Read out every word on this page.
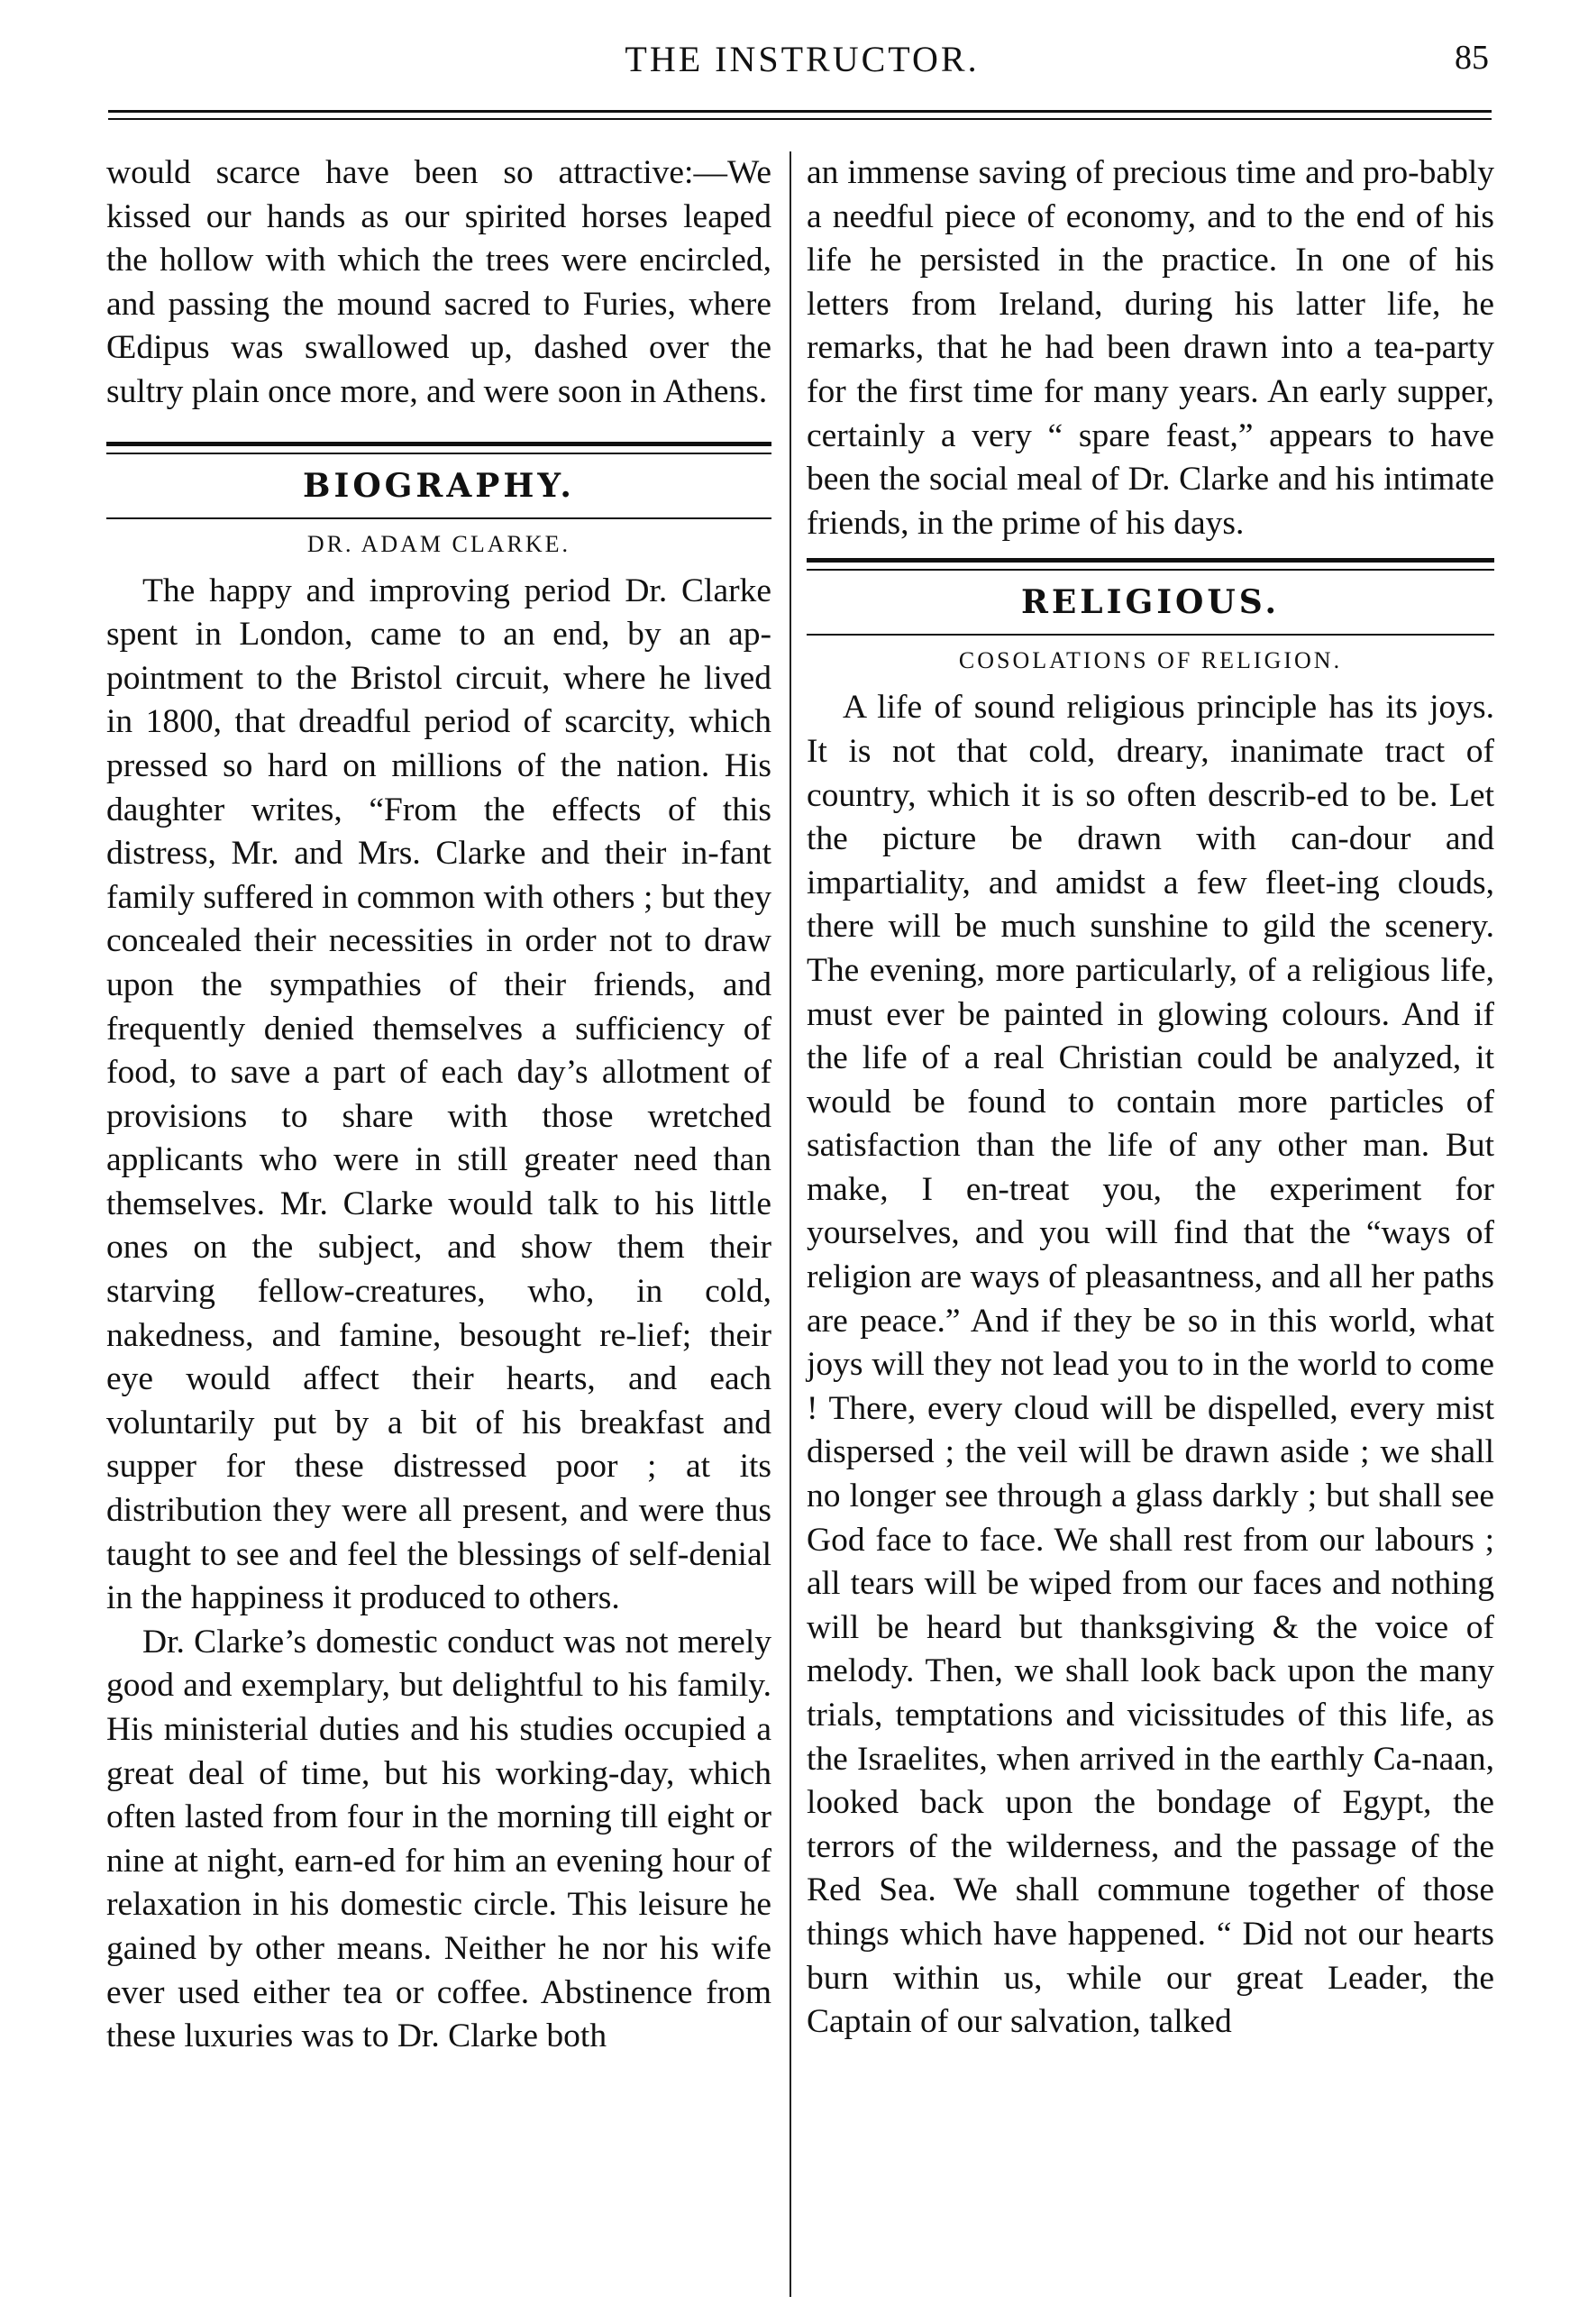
THE INSTRUCTOR.	85
would scarce have been so attractive:—We kissed our hands as our spirited horses leaped the hollow with which the trees were encircled, and passing the mound sacred to Furies, where Œdipus was swallowed up, dashed over the sultry plain once more, and were soon in Athens.
BIOGRAPHY.
DR. ADAM CLARKE.
The happy and improving period Dr. Clarke spent in London, came to an end, by an ap-pointment to the Bristol circuit, where he lived in 1800, that dreadful period of scarcity, which pressed so hard on millions of the nation. His daughter writes, “From the effects of this distress, Mr. and Mrs. Clarke and their in-fant family suffered in common with others ; but they concealed their necessities in order not to draw upon the sympathies of their friends, and frequently denied themselves a sufficiency of food, to save a part of each day’s allotment of provisions to share with those wretched applicants who were in still greater need than themselves. Mr. Clarke would talk to his little ones on the subject, and show them their starving fellow-creatures, who, in cold, nakedness, and famine, besought re-lief; their eye would affect their hearts, and each voluntarily put by a bit of his breakfast and supper for these distressed poor ; at its distribution they were all present, and were thus taught to see and feel the blessings of self-denial in the happiness it produced to others.
Dr. Clarke’s domestic conduct was not merely good and exemplary, but delightful to his family. His ministerial duties and his studies occupied a great deal of time, but his working-day, which often lasted from four in the morning till eight or nine at night, earn-ed for him an evening hour of relaxation in his domestic circle. This leisure he gained by other means. Neither he nor his wife ever used either tea or coffee. Abstinence from these luxuries was to Dr. Clarke both
an immense saving of precious time and pro-bably a needful piece of economy, and to the end of his life he persisted in the practice. In one of his letters from Ireland, during his latter life, he remarks, that he had been drawn into a tea-party for the first time for many years. An early supper, certainly a very “ spare feast,” appears to have been the social meal of Dr. Clarke and his intimate friends, in the prime of his days.
RELIGIOUS.
COSOLATIONS OF RELIGION.
A life of sound religious principle has its joys. It is not that cold, dreary, inanimate tract of country, which it is so often describ-ed to be. Let the picture be drawn with can-dour and impartiality, and amidst a few fleet-ing clouds, there will be much sunshine to gild the scenery. The evening, more particularly, of a religious life, must ever be painted in glowing colours. And if the life of a real Christian could be analyzed, it would be found to contain more particles of satisfaction than the life of any other man. But make, I en-treat you, the experiment for yourselves, and you will find that the “ways of religion are ways of pleasantness, and all her paths are peace.” And if they be so in this world, what joys will they not lead you to in the world to come ! There, every cloud will be dispelled, every mist dispersed ; the veil will be drawn aside ; we shall no longer see through a glass darkly ; but shall see God face to face. We shall rest from our labours ; all tears will be wiped from our faces and nothing will be heard but thanksgiving & the voice of melody. Then, we shall look back upon the many trials, temptations and vicissitudes of this life, as the Israelites, when arrived in the earthly Ca-naan, looked back upon the bondage of Egypt, the terrors of the wilderness, and the passage of the Red Sea. We shall commune together of those things which have happened. “ Did not our hearts burn within us, while our great Leader, the Captain of our salvation, talked
